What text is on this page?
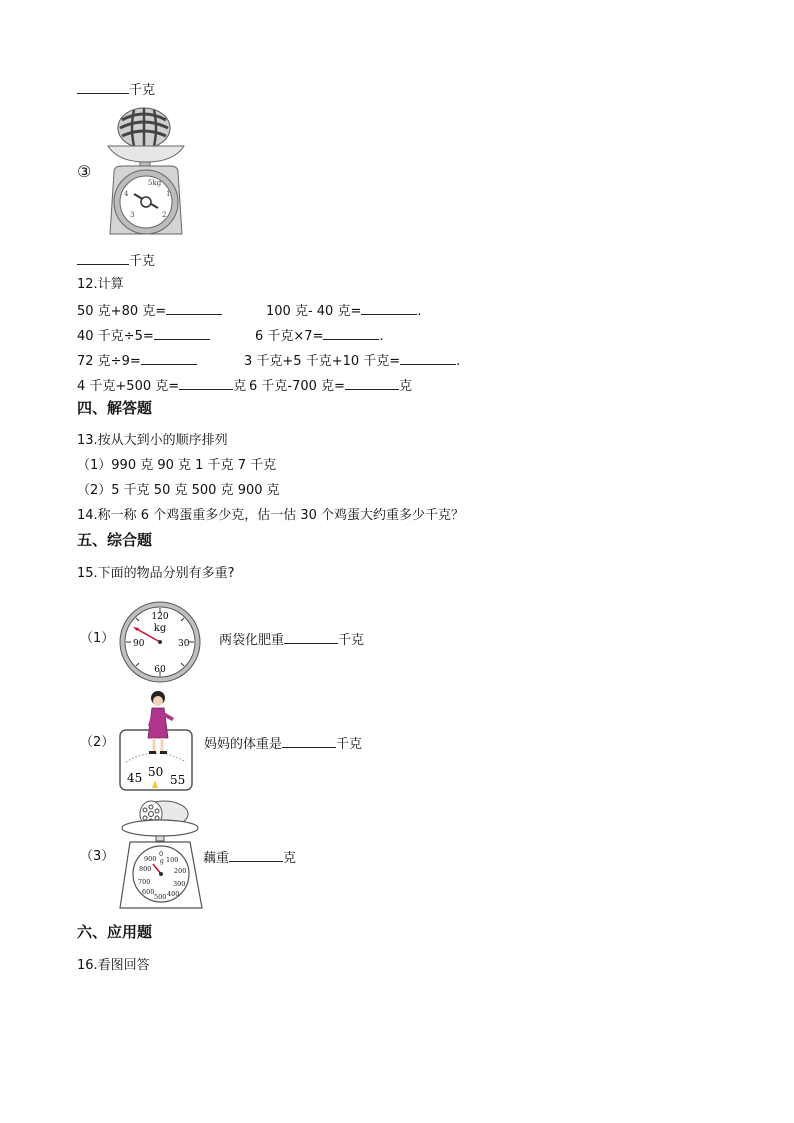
千克
③
5kg
1
2
3
4
千克
12.计算
50 克+80 克=	100 克- 40 克=	.
40 千克÷5=	6 千克×7=	.
72 克÷9=	3 千克+5 千克+10 千克=	.
4 千克+500 克=	克 6 千克-700 克=	克
四、解答题
13.按从大到小的顺序排列
（1）990 克 90 克 1 千克 7 千克
（2）5 千克 50 克 500 克 900 克
14.称一称 6 个鸡蛋重多少克，估一估 30 个鸡蛋大约重多少千克？
五、综合题
15.下面的物品分别有多重?
（1）
120
kg
90	30
60
两袋化肥重	千克
（2）
45 50
55
妈妈的体重是	千克
（3）	0
g 100
200
300
400
500
600
700
800
900	藕重	克
六、应用题
16.看图回答
